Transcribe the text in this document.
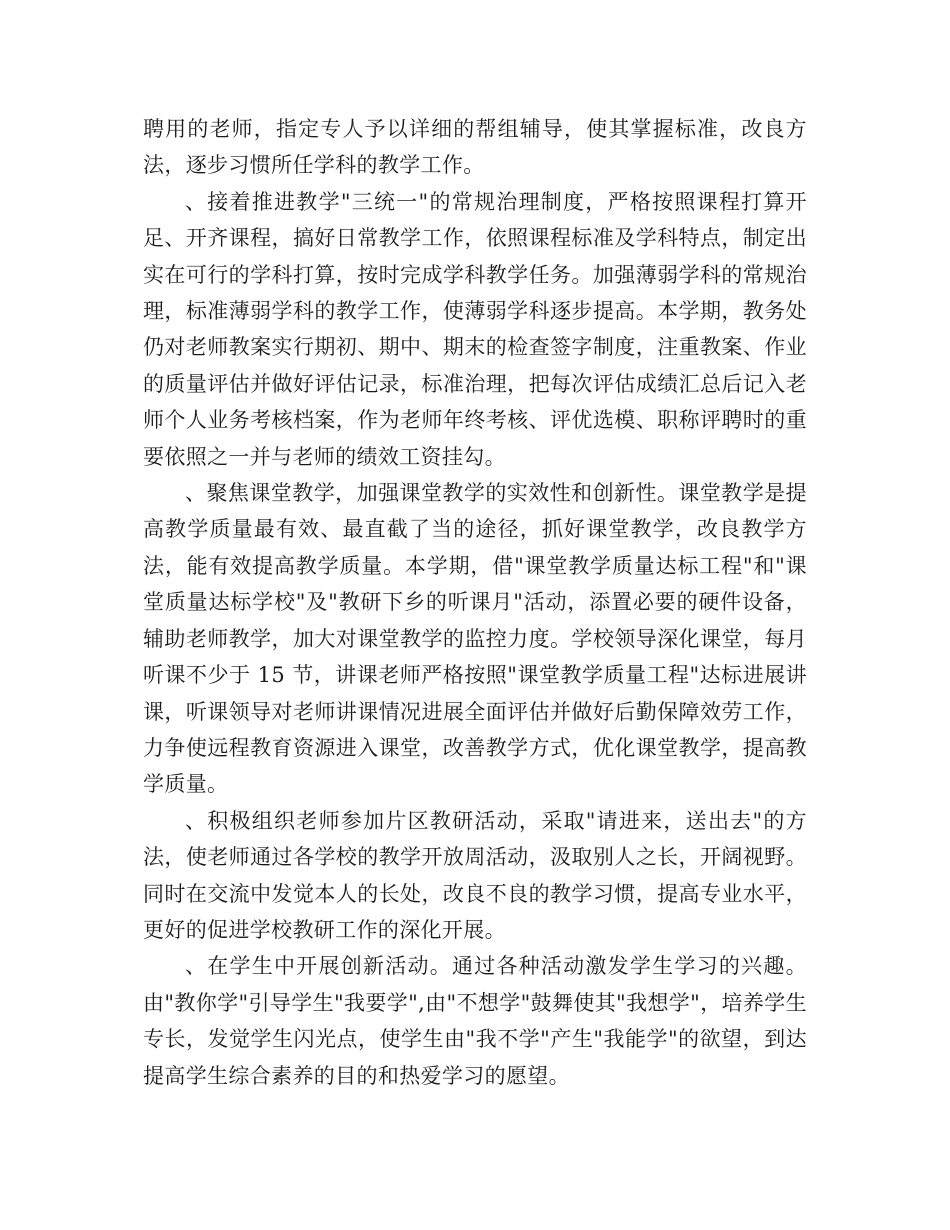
聘用的老师，指定专人予以详细的帮组辅导，使其掌握标准，改良方法，逐步习惯所任学科的教学工作。

、接着推进教学"三统一"的常规治理制度，严格按照课程打算开足、开齐课程，搞好日常教学工作，依照课程标准及学科特点，制定出实在可行的学科打算，按时完成学科教学任务。加强薄弱学科的常规治理，标准薄弱学科的教学工作，使薄弱学科逐步提高。本学期，教务处仍对老师教案实行期初、期中、期末的检查签字制度，注重教案、作业的质量评估并做好评估记录，标准治理，把每次评估成绩汇总后记入老师个人业务考核档案，作为老师年终考核、评优选模、职称评聘时的重要依照之一并与老师的绩效工资挂勾。

、聚焦课堂教学，加强课堂教学的实效性和创新性。课堂教学是提高教学质量最有效、最直截了当的途径，抓好课堂教学，改良教学方法，能有效提高教学质量。本学期，借"课堂教学质量达标工程"和"课堂质量达标学校"及"教研下乡的听课月"活动，添置必要的硬件设备，辅助老师教学，加大对课堂教学的监控力度。学校领导深化课堂，每月听课不少于 15 节，讲课老师严格按照"课堂教学质量工程"达标进展讲课，听课领导对老师讲课情况进展全面评估并做好后勤保障效劳工作，力争使远程教育资源进入课堂，改善教学方式，优化课堂教学，提高教学质量。

、积极组织老师参加片区教研活动，采取"请进来，送出去"的方法，使老师通过各学校的教学开放周活动，汲取别人之长，开阔视野。同时在交流中发觉本人的长处，改良不良的教学习惯，提高专业水平，更好的促进学校教研工作的深化开展。

、在学生中开展创新活动。通过各种活动激发学生学习的兴趣。由"教你学"引导学生"我要学",由"不想学"鼓舞使其"我想学"，培养学生专长，发觉学生闪光点，使学生由"我不学"产生"我能学"的欲望，到达提高学生综合素养的目的和热爱学习的愿望。
